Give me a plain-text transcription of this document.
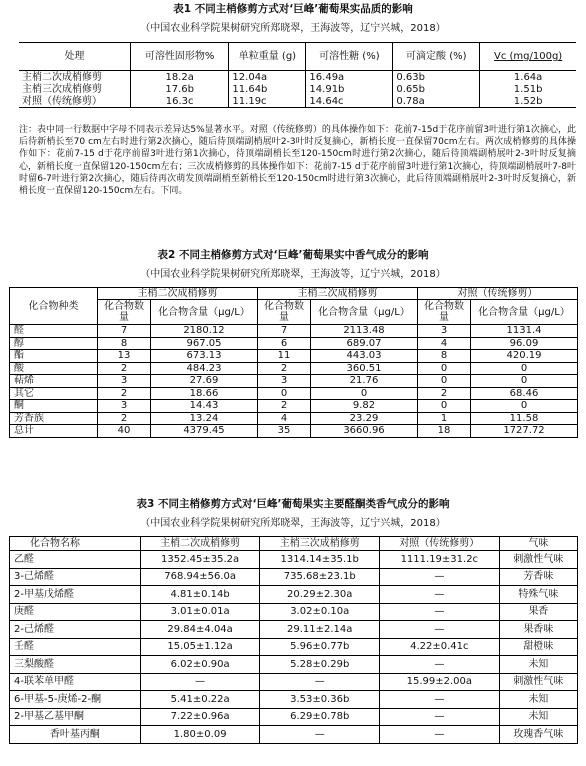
表1 不同主梢修剪方式对‘巨峰’葡萄果实品质的影响
（中国农业科学院果树研究所郑晓翠，王海波等，辽宁兴城，2018）
处理	可溶性固形物%	单粒重量 (g)	可溶性糖 (%)	可滴定酸 (%)	Vc (mg/100g)
主梢二次成梢修剪	18.2a	12.04a	16.49a	0.63b	1.64a
主梢三次成梢修剪	17.6b	11.64b	14.91b	0.65b	1.51b
对照（传统修剪）	16.3c	11.19c	14.64c	0.78a	1.52b
注：表中同一行数据中字母不同表示差异达5%显著水平。对照（传统修剪）的具体操作如下：花前7-15d于花序前留3叶进行第1次摘心，此后待新梢长至70 cm左右时进行第2次摘心，随后待顶端副梢展叶2-3叶时反复摘心，新梢长度一直保留70cm左右。两次成梢修剪的具体操作如下：花前7-15 d于花序前留3叶进行第1次摘心，待顶端副梢长至120-150cm时进行第2次摘心，随后待顶端副梢展叶2-3叶时反复摘心，新梢长度一直保留120-150cm左右；三次成梢修剪的具体操作如下：花前7-15 d于花序前留3叶进行第1次摘心，待顶端副梢展叶7-8叶时留6-7叶进行第2次摘心，随后待再次萌发顶端副梢至新梢长至120-150cm时进行第3次摘心，此后待顶端副梢展叶2-3叶时反复摘心，新梢长度一直保留120-150cm左右。下同。
表2 不同主梢修剪方式对‘巨峰’葡萄果实中香气成分的影响
（中国农业科学院果树研究所郑晓翠，王海波等，辽宁兴城，2018）
化合物种类	主梢二次成梢修剪		主梢三次成梢修剪		对照（传统修剪）	
	化合物数量	化合物含量（μg/L）	化合物数量	化合物含量（μg/L）	化合物数量	化合物含量（μg/L）
醛	7	2180.12	7	2113.48	3	1131.4
醇	8	967.05	6	689.07	4	96.09
酯	13	673.13	11	443.03	8	420.19
酸	2	484.23	2	360.51	0	0
萜烯	3	27.69	3	21.76	0	0
其它	2	18.66	0	0	2	68.46
酮	3	14.43	2	9.82	0	0
芳香族	2	13.24	4	23.29	1	11.58
总计	40	4379.45	35	3660.96	18	1727.72
表3 不同主梢修剪方式对‘巨峰’葡萄果实主要醛酮类香气成分的影响
（中国农业科学院果树研究所郑晓翠，王海波等，辽宁兴城，2018）
化合物名称	主梢二次成梢修剪	主梢三次成梢修剪	对照（传统修剪）	气味
乙醛	1352.45±35.2a	1314.14±35.1b	1111.19±31.2c	刺激性气味
3-己烯醛	768.94±56.0a	735.68±23.1b	—	芳香味
2-甲基戊烯醛	4.81±0.14b	20.29±2.30a	—	特殊气味
庚醛	3.01±0.01a	3.02±0.10a	—	果香
2-己烯醛	29.84±4.04a	29.11±2.14a	—	果香味
壬醛	15.05±1.12a	5.96±0.77b	4.22±0.41c	甜橙味
三梨酸醛	6.02±0.90a	5.28±0.29b	—	未知
4-联苯单甲醛	—	—	15.99±2.00a	刺激性气味
6-甲基-5-庚烯-2-酮	5.41±0.22a	3.53±0.36b	—	未知
2-甲基乙基甲酮	7.22±0.96a	6.29±0.78b	—	未知
香叶基丙酮	1.80±0.09	—	—	玫瑰香气味
